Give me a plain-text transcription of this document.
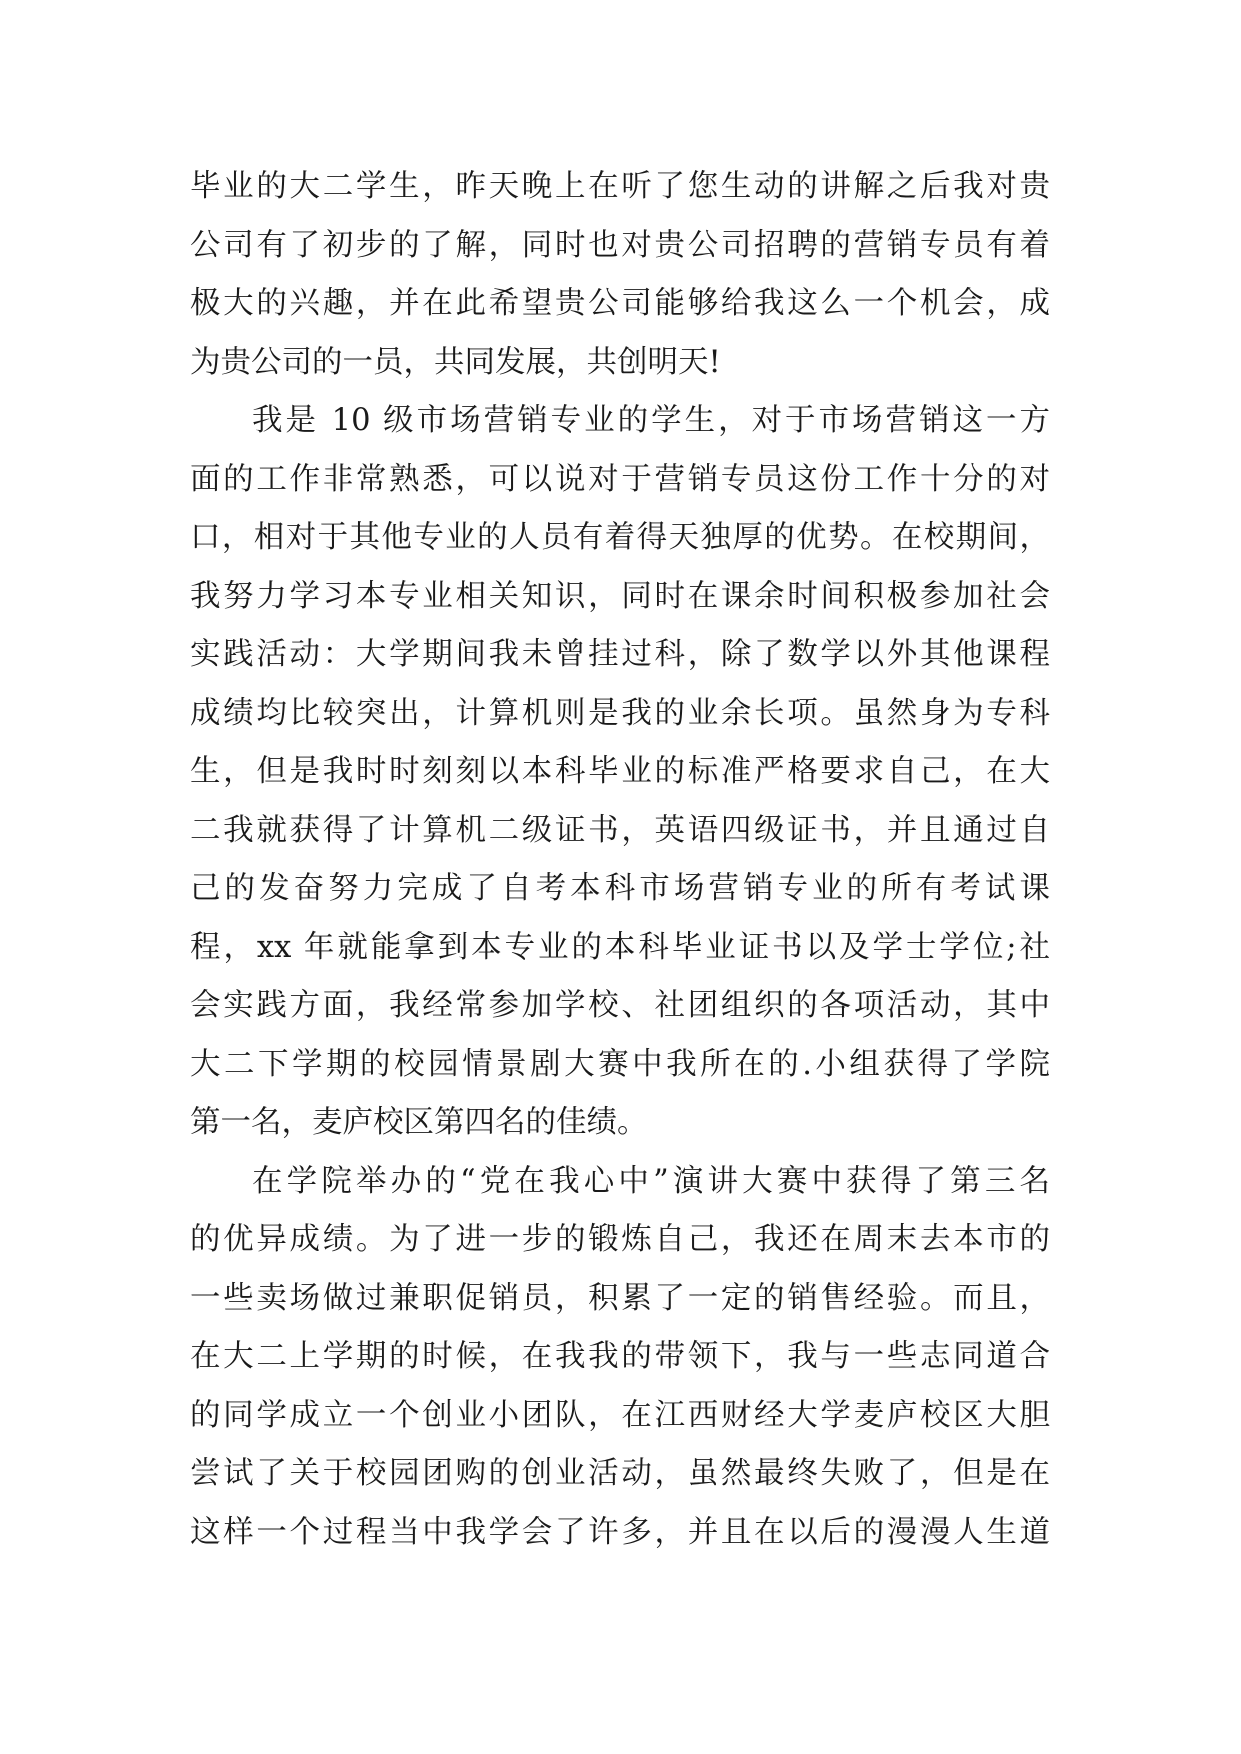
毕业的大二学生，昨天晚上在听了您生动的讲解之后我对贵
公司有了初步的了解，同时也对贵公司招聘的营销专员有着
极大的兴趣，并在此希望贵公司能够给我这么一个机会，成
为贵公司的一员，共同发展，共创明天!
我是 10 级市场营销专业的学生，对于市场营销这一方
面的工作非常熟悉，可以说对于营销专员这份工作十分的对
口，相对于其他专业的人员有着得天独厚的优势。在校期间，
我努力学习本专业相关知识，同时在课余时间积极参加社会
实践活动：大学期间我未曾挂过科，除了数学以外其他课程
成绩均比较突出，计算机则是我的业余长项。虽然身为专科
生，但是我时时刻刻以本科毕业的标准严格要求自己，在大
二我就获得了计算机二级证书，英语四级证书，并且通过自
己的发奋努力完成了自考本科市场营销专业的所有考试课
程，xx 年就能拿到本专业的本科毕业证书以及学士学位;社
会实践方面，我经常参加学校、社团组织的各项活动，其中
大二下学期的校园情景剧大赛中我所在的.小组获得了学院
第一名，麦庐校区第四名的佳绩。
在学院举办的“党在我心中”演讲大赛中获得了第三名
的优异成绩。为了进一步的锻炼自己，我还在周末去本市的
一些卖场做过兼职促销员，积累了一定的销售经验。而且，
在大二上学期的时候，在我我的带领下，我与一些志同道合
的同学成立一个创业小团队，在江西财经大学麦庐校区大胆
尝试了关于校园团购的创业活动，虽然最终失败了，但是在
这样一个过程当中我学会了许多，并且在以后的漫漫人生道
